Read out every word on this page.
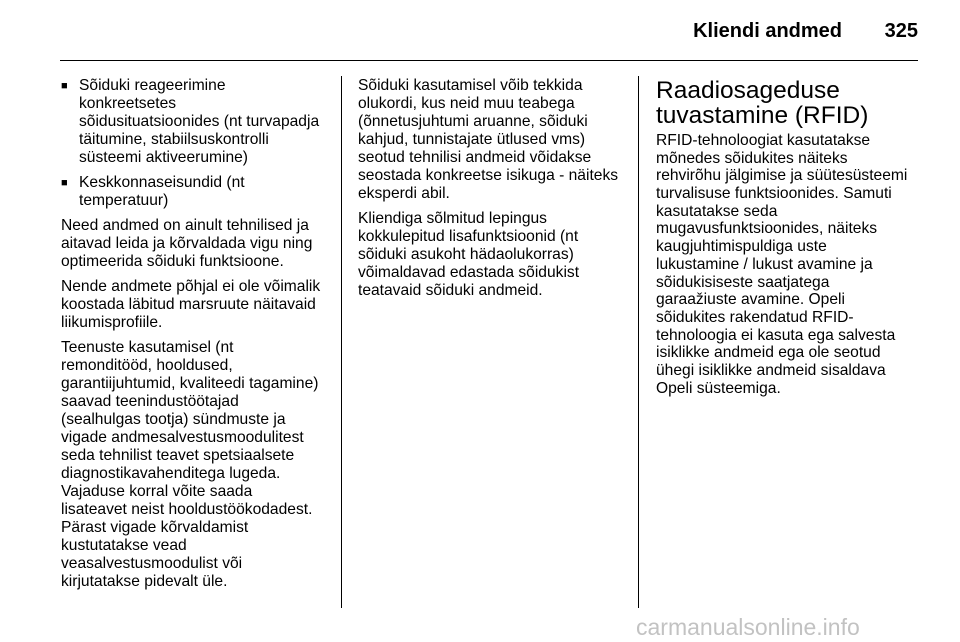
Kliendi andmed	325
■ Sõiduki reageerimine
konkreetsetes
sõidusituatsioonides (nt turvapadja
täitumine, stabiilsuskontrolli
süsteemi aktiveerumine)
■ Keskkonnaseisundid (nt
temperatuur)

Need andmed on ainult tehnilised ja
aitavad leida ja kõrvaldada vigu ning
optimeerida sõiduki funktsioone.

Nende andmete põhjal ei ole võimalik
koostada läbitud marsruute näitavaid
liikumisprofiile.

Teenuste kasutamisel (nt
remonditööd, hooldused,
garantiijuhtumid, kvaliteedi tagamine)
saavad teenindustöötajad
(sealhulgas tootja) sündmuste ja
vigade andmesalvestusmoodulitest
seda tehnilist teavet spetsiaalsete
diagnostikavahenditega lugeda.
Vajaduse korral võite saada
lisateavet neist hooldustöökodadest.
Pärast vigade kõrvaldamist
kustutatakse vead
veasalvestusmoodulist või
kirjutatakse pidevalt üle.

Sõiduki kasutamisel võib tekkida
olukordi, kus neid muu teabega
(õnnetusjuhtumi aruanne, sõiduki
kahjud, tunnistajate ütlused vms)
seotud tehnilisi andmeid võidakse
seostada konkreetse isikuga - näiteks
eksperdi abil.

Kliendiga sõlmitud lepingus
kokkulepitud lisafunktsioonid (nt
sõiduki asukoht hädaolukorras)
võimaldavad edastada sõidukist
teatavaid sõiduki andmeid.

Raadiosageduse
tuvastamine (RFID)

RFID-tehnoloogiat kasutatakse
mõnedes sõidukites näiteks
rehvirõhu jälgimise ja süütesüsteemi
turvalisuse funktsioonides. Samuti
kasutatakse seda
mugavusfunktsioonides, näiteks
kaugjuhtimispuldiga uste
lukustamine / lukust avamine ja
sõidukisiseste saatjatega
garaažiuste avamine. Opeli
sõidukites rakendatud RFID-
tehnoloogia ei kasuta ega salvesta
isiklikke andmeid ega ole seotud
ühegi isiklikke andmeid sisaldava
Opeli süsteemiga.

carmanualsonline.info
